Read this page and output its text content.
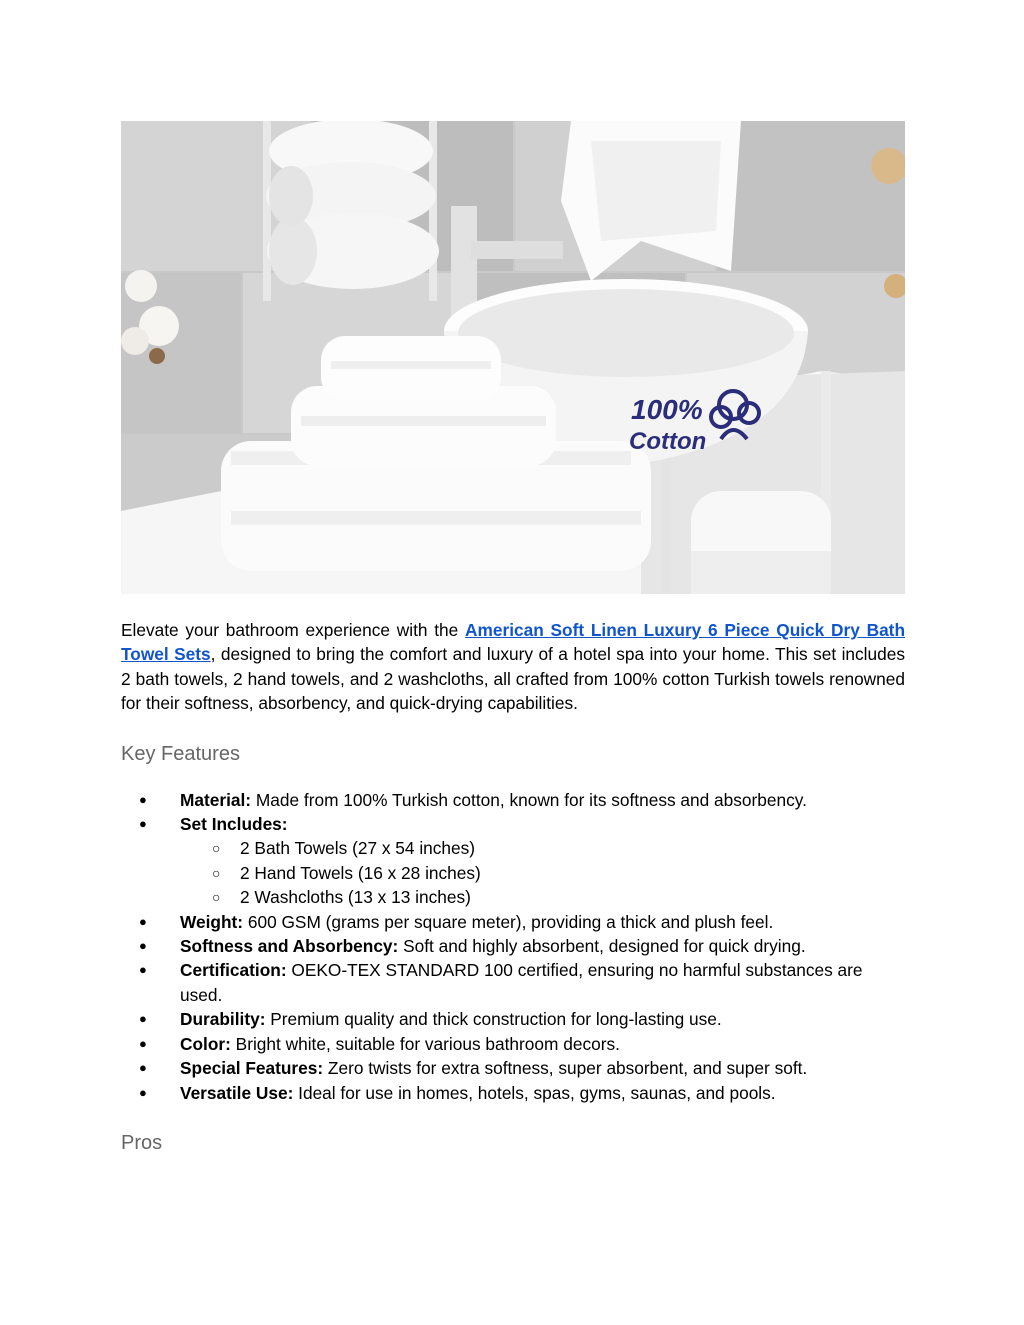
100%
Cotton

Elevate your bathroom experience with the American Soft Linen Luxury 6 Piece Quick Dry Bath Towel Sets, designed to bring the comfort and luxury of a hotel spa into your home. This set includes 2 bath towels, 2 hand towels, and 2 washcloths, all crafted from 100% cotton Turkish towels renowned for their softness, absorbency, and quick-drying capabilities.

Key Features
● Material: Made from 100% Turkish cotton, known for its softness and absorbency.
● Set Includes:
○ 2 Bath Towels (27 x 54 inches)
○ 2 Hand Towels (16 x 28 inches)
○ 2 Washcloths (13 x 13 inches)
● Weight: 600 GSM (grams per square meter), providing a thick and plush feel.
● Softness and Absorbency: Soft and highly absorbent, designed for quick drying.
● Certification: OEKO-TEX STANDARD 100 certified, ensuring no harmful substances are used.
● Durability: Premium quality and thick construction for long-lasting use.
● Color: Bright white, suitable for various bathroom decors.
● Special Features: Zero twists for extra softness, super absorbent, and super soft.
● Versatile Use: Ideal for use in homes, hotels, spas, gyms, saunas, and pools.
Pros
